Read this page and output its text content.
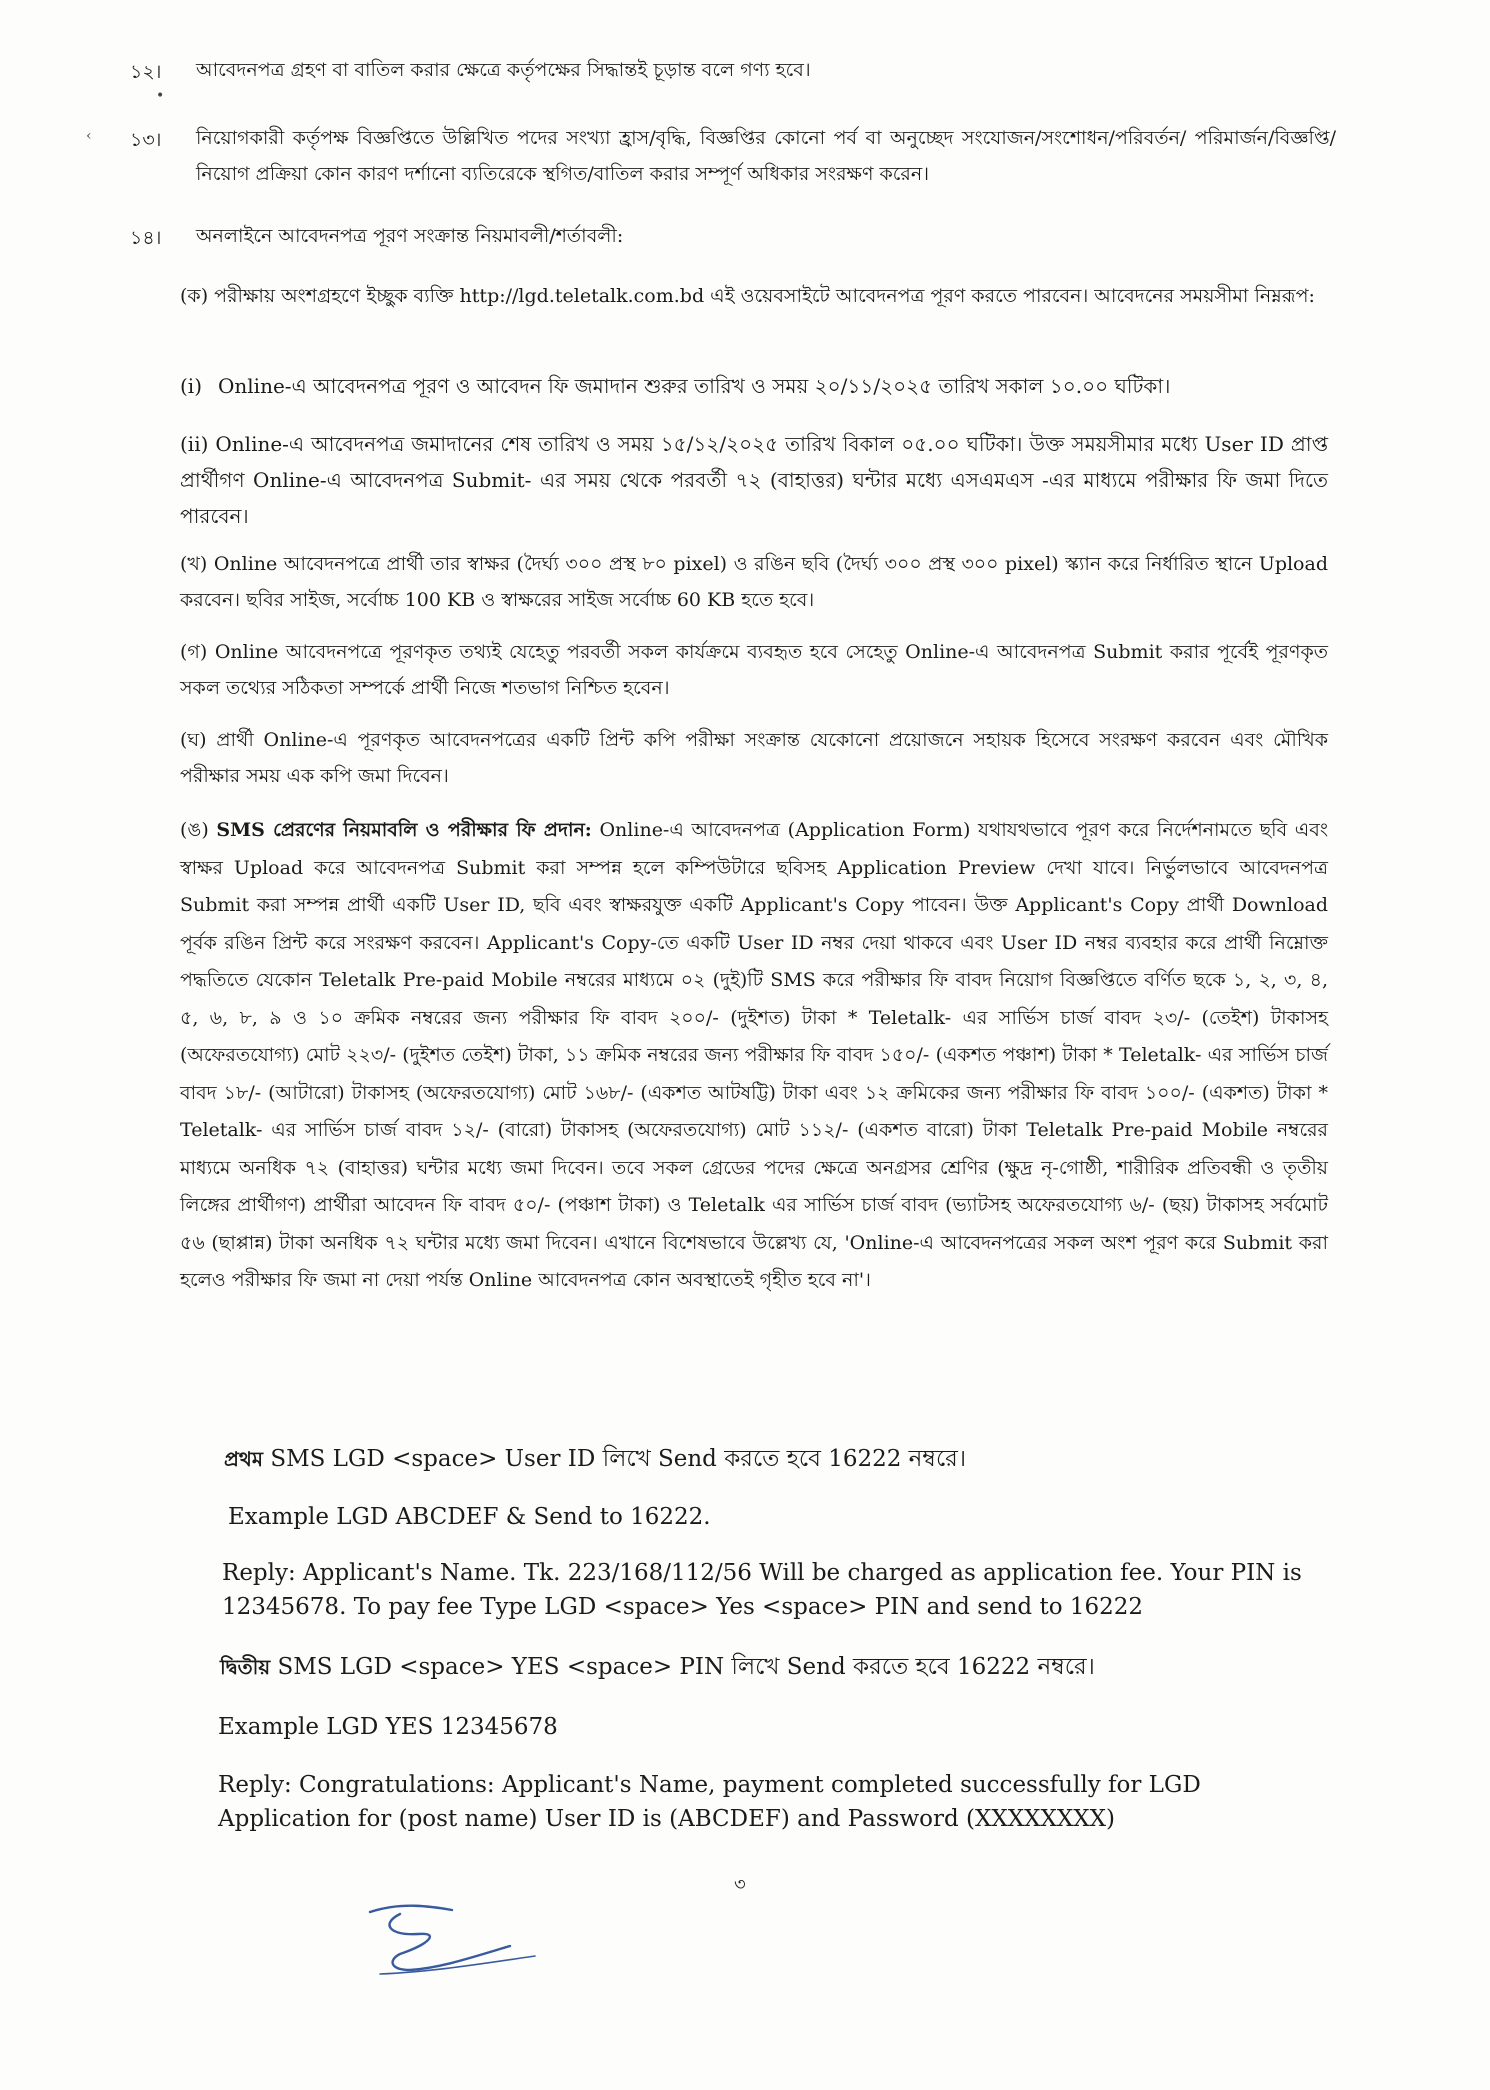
১২। আবেদনপত্র গ্রহণ বা বাতিল করার ক্ষেত্রে কর্তৃপক্ষের সিদ্ধান্তই চূড়ান্ত বলে গণ্য হবে।
১৩। নিয়োগকারী কর্তৃপক্ষ বিজ্ঞপ্তিতে উল্লিখিত পদের সংখ্যা হ্রাস/বৃদ্ধি, বিজ্ঞপ্তির কোনো পর্ব বা অনুচ্ছেদ সংযোজন/সংশোধন/পরিবর্তন/ পরিমার্জন/বিজ্ঞপ্তি/নিয়োগ প্রক্রিয়া কোন কারণ দর্শানো ব্যতিরেকে স্থগিত/বাতিল করার সম্পূর্ণ অধিকার সংরক্ষণ করেন।
১৪। অনলাইনে আবেদনপত্র পূরণ সংক্রান্ত নিয়মাবলী/শর্তাবলী:
(ক) পরীক্ষায় অংশগ্রহণে ইচ্ছুক ব্যক্তি http://lgd.teletalk.com.bd এই ওয়েবসাইটে আবেদনপত্র পূরণ করতে পারবেন। আবেদনের সময়সীমা নিম্নরূপ:
(i) Online-এ আবেদনপত্র পূরণ ও আবেদন ফি জমাদান শুরুর তারিখ ও সময় ২০/১১/২০২৫ তারিখ সকাল ১০.০০ ঘটিকা।
(ii) Online-এ আবেদনপত্র জমাদানের শেষ তারিখ ও সময় ১৫/১২/২০২৫ তারিখ বিকাল ০৫.০০ ঘটিকা। উক্ত সময়সীমার মধ্যে User ID প্রাপ্ত প্রার্থীগণ Online-এ আবেদনপত্র Submit- এর সময় থেকে পরবর্তী ৭২ (বাহাত্তর) ঘন্টার মধ্যে এসএমএস -এর মাধ্যমে পরীক্ষার ফি জমা দিতে পারবেন।
(খ) Online আবেদনপত্রে প্রার্থী তার স্বাক্ষর (দৈর্ঘ্য ৩০০ প্রস্থ ৮০ pixel) ও রঙিন ছবি (দৈর্ঘ্য ৩০০ প্রস্থ ৩০০ pixel) স্ক্যান করে নির্ধারিত স্থানে Upload করবেন। ছবির সাইজ, সর্বোচ্চ 100 KB ও স্বাক্ষরের সাইজ সর্বোচ্চ 60 KB হতে হবে।
(গ) Online আবেদনপত্রে পূরণকৃত তথ্যই যেহেতু পরবর্তী সকল কার্যক্রমে ব্যবহৃত হবে সেহেতু Online-এ আবেদনপত্র Submit করার পূর্বেই পূরণকৃত সকল তথ্যের সঠিকতা সম্পর্কে প্রার্থী নিজে শতভাগ নিশ্চিত হবেন।
(ঘ) প্রার্থী Online-এ পূরণকৃত আবেদনপত্রের একটি প্রিন্ট কপি পরীক্ষা সংক্রান্ত যেকোনো প্রয়োজনে সহায়ক হিসেবে সংরক্ষণ করবেন এবং মৌখিক পরীক্ষার সময় এক কপি জমা দিবেন।
(ঙ) SMS প্রেরণের নিয়মাবলি ও পরীক্ষার ফি প্রদান: Online-এ আবেদনপত্র (Application Form) যথাযথভাবে পূরণ করে নির্দেশনামতে ছবি এবং স্বাক্ষর Upload করে আবেদনপত্র Submit করা সম্পন্ন হলে কম্পিউটারে ছবিসহ Application Preview দেখা যাবে। নির্ভুলভাবে আবেদনপত্র Submit করা সম্পন্ন প্রার্থী একটি User ID, ছবি এবং স্বাক্ষরযুক্ত একটি Applicant's Copy পাবেন। উক্ত Applicant's Copy প্রার্থী Download পূর্বক রঙিন প্রিন্ট করে সংরক্ষণ করবেন। Applicant's Copy-তে একটি User ID নম্বর দেয়া থাকবে এবং User ID নম্বর ব্যবহার করে প্রার্থী নিম্নোক্ত পদ্ধতিতে যেকোন Teletalk Pre-paid Mobile নম্বরের মাধ্যমে ০২ (দুই)টি SMS করে পরীক্ষার ফি বাবদ নিয়োগ বিজ্ঞপ্তিতে বর্ণিত ছকে ১, ২, ৩, ৪, ৫, ৬, ৮, ৯ ও ১০ ক্রমিক নম্বরের জন্য পরীক্ষার ফি বাবদ ২০০/- (দুইশত) টাকা * Teletalk- এর সার্ভিস চার্জ বাবদ ২৩/- (তেইশ) টাকাসহ (অফেরতযোগ্য) মোট ২২৩/- (দুইশত তেইশ) টাকা, ১১ ক্রমিক নম্বরের জন্য পরীক্ষার ফি বাবদ ১৫০/- (একশত পঞ্চাশ) টাকা * Teletalk- এর সার্ভিস চার্জ বাবদ ১৮/- (আটারো) টাকাসহ (অফেরতযোগ্য) মোট ১৬৮/- (একশত আটষট্টি) টাকা এবং ১২ ক্রমিকের জন্য পরীক্ষার ফি বাবদ ১০০/- (একশত) টাকা * Teletalk- এর সার্ভিস চার্জ বাবদ ১২/- (বারো) টাকাসহ (অফেরতযোগ্য) মোট ১১২/- (একশত বারো) টাকা Teletalk Pre-paid Mobile নম্বরের মাধ্যমে অনধিক ৭২ (বাহাত্তর) ঘন্টার মধ্যে জমা দিবেন। তবে সকল গ্রেডের পদের ক্ষেত্রে অনগ্রসর শ্রেণির (ক্ষুদ্র নৃ-গোষ্ঠী, শারীরিক প্রতিবন্ধী ও তৃতীয় লিঙ্গের প্রার্থীগণ) প্রার্থীরা আবেদন ফি বাবদ ৫০/- (পঞ্চাশ টাকা) ও Teletalk এর সার্ভিস চার্জ বাবদ (ভ্যাটসহ অফেরতযোগ্য ৬/- (ছয়) টাকাসহ সর্বমোট ৫৬ (ছাপ্পান্ন) টাকা অনধিক ৭২ ঘন্টার মধ্যে জমা দিবেন। এখানে বিশেষভাবে উল্লেখ্য যে, 'Online-এ আবেদনপত্রের সকল অংশ পূরণ করে Submit করা হলেও পরীক্ষার ফি জমা না দেয়া পর্যন্ত Online আবেদনপত্র কোন অবস্থাতেই গৃহীত হবে না'।
প্রথম SMS LGD <space> User ID লিখে Send করতে হবে 16222 নম্বরে।
Example LGD ABCDEF & Send to 16222.
Reply: Applicant's Name. Tk. 223/168/112/56 Will be charged as application fee. Your PIN is 12345678. To pay fee Type LGD <space> Yes <space> PIN and send to 16222
দ্বিতীয় SMS LGD <space> YES <space> PIN লিখে Send করতে হবে 16222 নম্বরে।
Example LGD YES 12345678
Reply: Congratulations: Applicant's Name, payment completed successfully for LGD Application for (post name) User ID is (ABCDEF) and Password (XXXXXXXX)
৩
•
‹
